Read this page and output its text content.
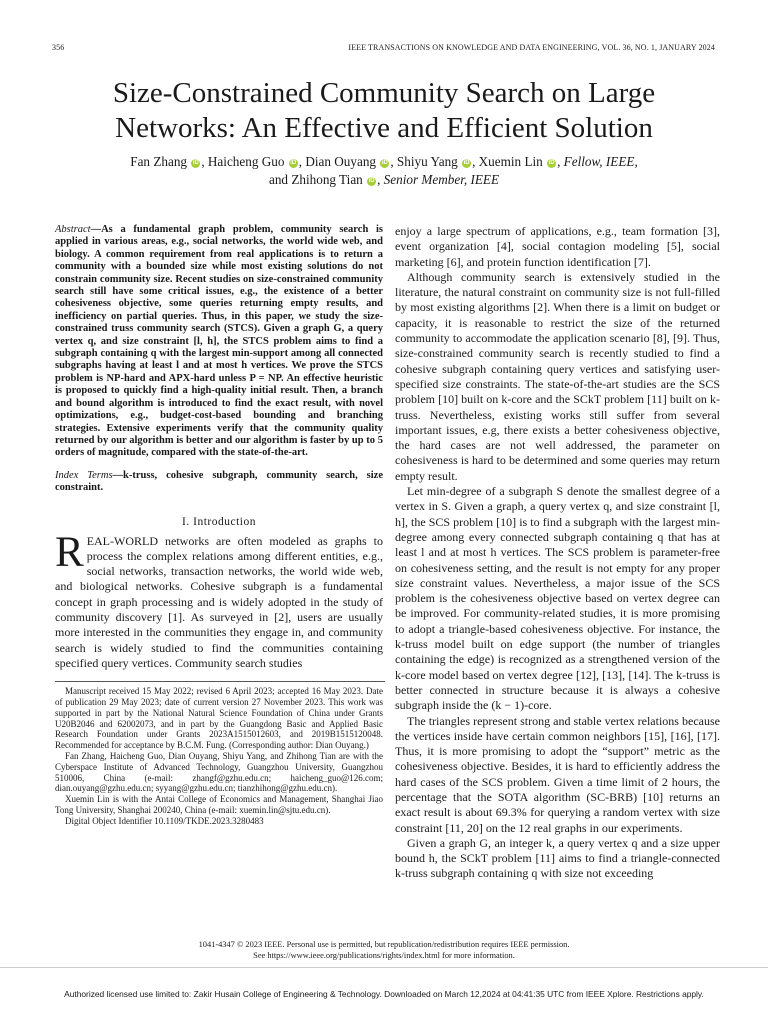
356	IEEE TRANSACTIONS ON KNOWLEDGE AND DATA ENGINEERING, VOL. 36, NO. 1, JANUARY 2024
Size-Constrained Community Search on Large
Networks: An Effective and Efficient Solution
Fan Zhang iD , Haicheng Guo iD , Dian Ouyang iD , Shiyu Yang iD , Xuemin Lin iD , Fellow, IEEE,
and Zhihong Tian iD , Senior Member, IEEE

Abstract—As a fundamental graph problem, community search is applied in various areas, e.g., social networks, the world wide web, and biology. A common requirement from real applications is to return a community with a bounded size while most existing solutions do not constrain community size. Recent studies on size-constrained community search still have some critical issues, e.g., the existence of a better cohesiveness objective, some queries returning empty results, and inefficiency on partial queries. Thus, in this paper, we study the size-constrained truss community search (STCS). Given a graph G, a query vertex q, and size constraint [l, h], the STCS problem aims to find a subgraph containing q with the largest min-support among all connected subgraphs having at least l and at most h vertices. We prove the STCS problem is NP-hard and APX-hard unless P = NP. An effective heuristic is proposed to quickly find a high-quality initial result. Then, a branch and bound algorithm is introduced to find the exact result, with novel optimizations, e.g., budget-cost-based bounding and branching strategies. Extensive experiments verify that the community quality returned by our algorithm is better and our algorithm is faster by up to 5 orders of magnitude, compared with the state-of-the-art.

Index Terms—k-truss, cohesive subgraph, community search, size constraint.

I. Introduction

REAL-WORLD networks are often modeled as graphs to process the complex relations among different entities, e.g., social networks, transaction networks, the world wide web, and biological networks. Cohesive subgraph is a fundamental concept in graph processing and is widely adopted in the study of community discovery [1]. As surveyed in [2], users are usually more interested in the communities they engage in, and community search is widely studied to find the communities containing specified query vertices. Community search studies

Manuscript received 15 May 2022; revised 6 April 2023; accepted 16 May 2023. Date of publication 29 May 2023; date of current version 27 November 2023. This work was supported in part by the National Natural Science Foundation of China under Grants U20B2046 and 62002073, and in part by the Guangdong Basic and Applied Basic Research Foundation under Grants 2023A1515012603, and 2019B1515120048. Recommended for acceptance by B.C.M. Fung. (Corresponding author: Dian Ouyang.)

Fan Zhang, Haicheng Guo, Dian Ouyang, Shiyu Yang, and Zhihong Tian are with the Cyberspace Institute of Advanced Technology, Guangzhou University, Guangzhou 510006, China (e-mail: zhangf@gzhu.edu.cn; haicheng_guo@126.com; dian.ouyang@gzhu.edu.cn; syyang@gzhu.edu.cn; tianzhihong@gzhu.edu.cn).

Xuemin Lin is with the Antai College of Economics and Management, Shanghai Jiao Tong University, Shanghai 200240, China (e-mail: xuemin.lin@sjtu.edu.cn).

Digital Object Identifier 10.1109/TKDE.2023.3280483

enjoy a large spectrum of applications, e.g., team formation [3], event organization [4], social contagion modeling [5], social marketing [6], and protein function identification [7].

Although community search is extensively studied in the literature, the natural constraint on community size is not full-filled by most existing algorithms [2]. When there is a limit on budget or capacity, it is reasonable to restrict the size of the returned community to accommodate the application scenario [8], [9]. Thus, size-constrained community search is recently studied to find a cohesive subgraph containing query vertices and satisfying user-specified size constraints. The state-of-the-art studies are the SCS problem [10] built on k-core and the SCkT problem [11] built on k-truss. Nevertheless, existing works still suffer from several important issues, e.g, there exists a better cohesiveness objective, the hard cases are not well addressed, the parameter on cohesiveness is hard to be determined and some queries may return empty result.

Let min-degree of a subgraph S denote the smallest degree of a vertex in S. Given a graph, a query vertex q, and size constraint [l, h], the SCS problem [10] is to find a subgraph with the largest min-degree among every connected subgraph containing q that has at least l and at most h vertices. The SCS problem is parameter-free on cohesiveness setting, and the result is not empty for any proper size constraint values. Nevertheless, a major issue of the SCS problem is the cohesiveness objective based on vertex degree can be improved. For community-related studies, it is more promising to adopt a triangle-based cohesiveness objective. For instance, the k-truss model built on edge support (the number of triangles containing the edge) is recognized as a strengthened version of the k-core model based on vertex degree [12], [13], [14]. The k-truss is better connected in structure because it is always a cohesive subgraph inside the (k − 1)-core.

The triangles represent strong and stable vertex relations because the vertices inside have certain common neighbors [15], [16], [17]. Thus, it is more promising to adopt the “support” metric as the cohesiveness objective. Besides, it is hard to efficiently address the hard cases of the SCS problem. Given a time limit of 2 hours, the percentage that the SOTA algorithm (SC-BRB) [10] returns an exact result is about 69.3% for querying a random vertex with size constraint [11, 20] on the 12 real graphs in our experiments.

Given a graph G, an integer k, a query vertex q and a size upper bound h, the SCkT problem [11] aims to find a triangle-connected k-truss subgraph containing q with size not exceeding

1041-4347 © 2023 IEEE. Personal use is permitted, but republication/redistribution requires IEEE permission.
See https://www.ieee.org/publications/rights/index.html for more information.
Authorized licensed use limited to: Zakir Husain College of Engineering & Technology. Downloaded on March 12,2024 at 04:41:35 UTC from IEEE Xplore. Restrictions apply.
